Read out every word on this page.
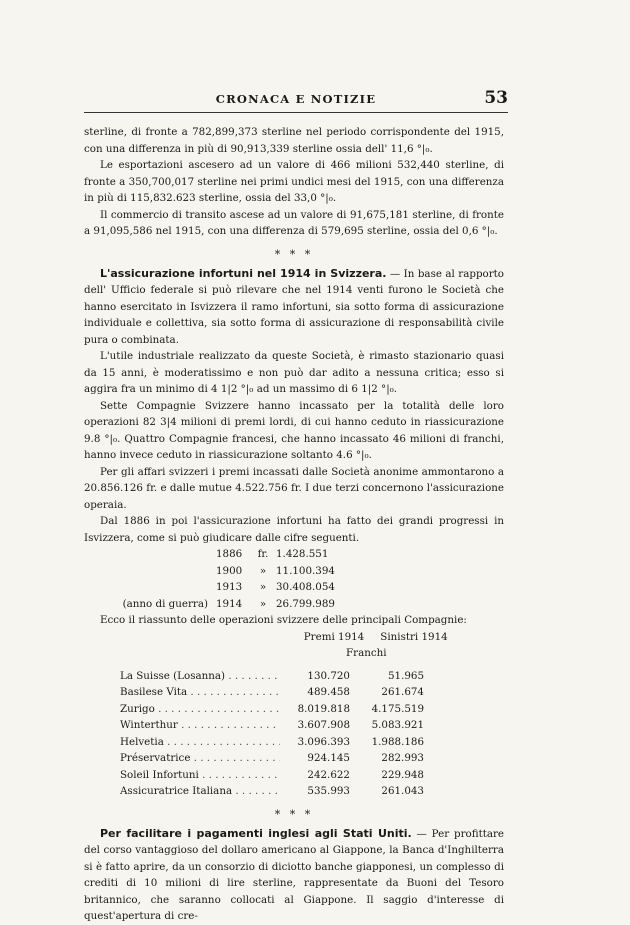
CRONACA E NOTIZIE	53

sterline, di fronte a 782,899,373 sterline nel periodo corrispondente del 1915, con una differenza in più di 90,913,339 sterline ossia dell' 11,6 °|₀.

Le esportazioni ascesero ad un valore di 466 milioni 532,440 sterline, di fronte a 350,700,017 sterline nei primi undici mesi del 1915, con una differenza in più di 115,832.623 sterline, ossia del 33,0 °|₀.

Il commercio di transito ascese ad un valore di 91,675,181 sterline, di fronte a 91,095,586 nel 1915, con una differenza di 579,695 sterline, ossia del 0,6 °|₀.

* * *

L'assicurazione infortuni nel 1914 in Svizzera. — In base al rapporto dell' Ufficio federale si può rilevare che nel 1914 venti furono le Società che hanno esercitato in Isvizzera il ramo infortuni, sia sotto forma di assicurazione individuale e collettiva, sia sotto forma di assicurazione di responsabilità civile pura o combinata.

L'utile industriale realizzato da queste Società, è rimasto stazionario quasi da 15 anni, è moderatissimo e non può dar adito a nessuna critica; esso si aggira fra un minimo di 4 1|2 °|₀ ad un massimo di 6 1|2 °|₀.

Sette Compagnie Svizzere hanno incassato per la totalità delle loro operazioni 82 3|4 milioni di premi lordi, di cui hanno ceduto in riassicurazione 9.8 °|₀. Quattro Compagnie francesi, che hanno incassato 46 milioni di franchi, hanno invece ceduto in riassicurazione soltanto 4.6 °|₀.

Per gli affari svizzeri i premi incassati dalle Società anonime ammontarono a 20.856.126 fr. e dalle mutue 4.522.756 fr. I due terzi concernono l'assicurazione operaia.

Dal 1886 in poi l'assicurazione infortuni ha fatto dei grandi progressi in Isvizzera, come si può giudicare dalle cifre seguenti.

1886	fr. 1.428.551
1900	» 11.100.394
1913	» 30.408.054
(anno di guerra) 1914	» 26.799.989

Ecco il riassunto delle operazioni svizzere delle principali Compagnie:

Premi 1914	Sinistri 1914
Franchi
La Suisse (Losanna) . . .	130.720	51.965
Basilese Vita . . .	489.458	261.674
Zurigo . . .	8.019.818	4.175.519
Winterthur . . .	3.607.908	5.083.921
Helvetia . . .	3.096.393	1.988.186
Préservatrice . . .	924.145	282.993
Soleil Infortuni . . .	242.622	229.948
Assicuratrice Italiana . . .	535.993	261.043
* * *

Per facilitare i pagamenti inglesi agli Stati Uniti. — Per profittare del corso vantaggioso del dollaro americano al Giappone, la Banca d'Inghilterra si è fatto aprire, da un consorzio di diciotto banche giapponesi, un complesso di crediti di 10 milioni di lire sterline, rappresentate da Buoni del Tesoro britannico, che saranno collocati al Giappone. Il saggio d'interesse di quest'apertura di cre-
